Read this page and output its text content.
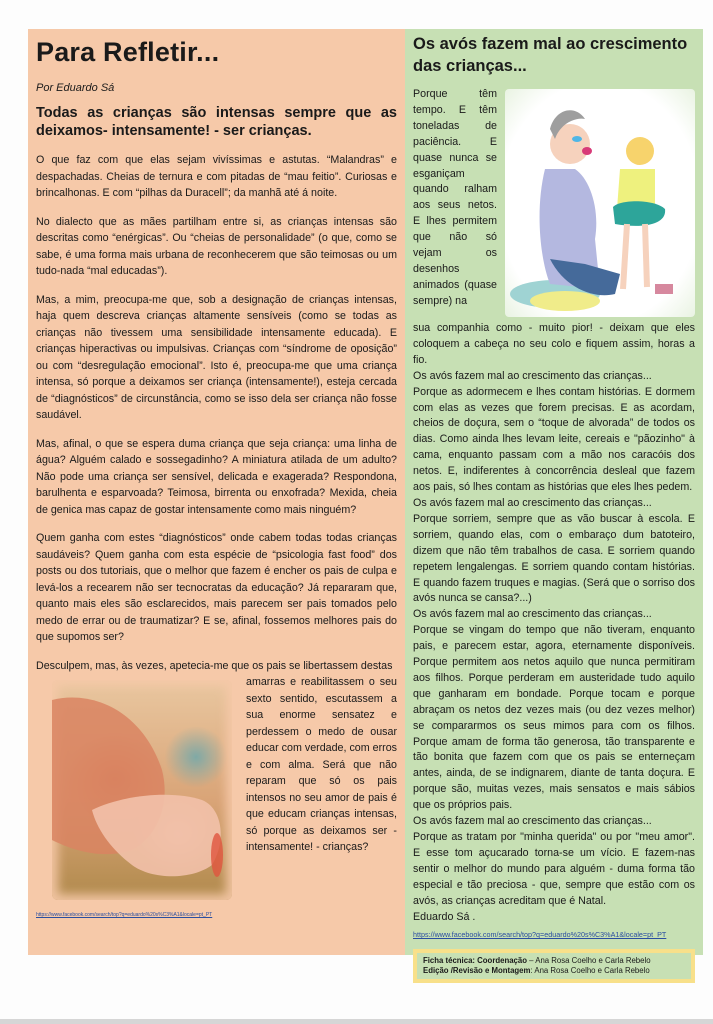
Para Refletir...
Por Eduardo Sá
Todas as crianças são intensas sempre que as deixamos- intensamente! - ser crianças.

O que faz com que elas sejam vivíssimas e astutas. “Malandras” e despachadas. Cheias de ternura e com pitadas de “mau feitio”. Curiosas e brincalhonas. E com “pilhas da Duracell”; da manhã até á noite.

No dialecto que as mães partilham entre si, as crianças intensas são descritas como “enérgicas”. Ou “cheias de personalidade” (o que, como se sabe, é uma forma mais urbana de reconhecerem que são teimosas ou um tudo-nada “mal educadas”).

Mas, a mim, preocupa-me que, sob a designação de crianças intensas, haja quem descreva crianças altamente sensíveis (como se todas as crianças não tivessem uma sensibilidade intensamente educada). E crianças hiperactivas ou impulsivas. Crianças com “síndrome de oposição” ou com “desregulação emocional”. Isto é, preocupa-me que uma criança intensa, só porque a deixamos ser criança (intensamente!), esteja cercada de “diagnósticos” de circunstância, como se isso dela ser criança não fosse saudável.

Mas, afinal, o que se espera duma criança que seja criança: uma linha de água? Alguém calado e sossegadinho? A miniatura atilada de um adulto? Não pode uma criança ser sensível, delicada e exagerada? Respondona, barulhenta e esparvoada? Teimosa, birrenta ou enxofrada? Mexida, cheia de genica mas capaz de gostar intensamente como mais ninguém?

Quem ganha com estes “diagnósticos” onde cabem todas todas crianças saudáveis? Quem ganha com esta espécie de “psicologia fast food” dos posts ou dos tutoriais, que o melhor que fazem é encher os pais de culpa e levá-los a recearem não ser tecnocratas da educação? Já repararam que, quanto mais eles são esclarecidos, mais parecem ser pais tomados pelo medo de errar ou de traumatizar? E se, afinal, fossemos melhores pais do que supomos ser?

Desculpem, mas, às vezes, apetecia-me que os pais se libertassem destas

amarras e reabilitassem o seu sexto sentido, escutassem a sua enorme sensatez e perdessem o medo de ousar educar com verdade, com erros e com alma. Será que não reparam que só os pais intensos no seu amor de pais é que educam crianças intensas, só porque as deixamos ser - intensamente! - crianças?

https://www.facebook.com/search/top?q=eduardo%20s%C3%A1&locale=pt_PT
Os avós fazem mal ao crescimento das crianças...

Porque têm tempo. E têm toneladas de paciência. E quase nunca se esganiçam quando ralham aos seus netos. E lhes permitem que não só vejam os desenhos animados (quase sempre) na

sua companhia como - muito pior! - deixam que eles coloquem a cabeça no seu colo e fiquem assim, horas a fio.

Os avós fazem mal ao crescimento das crianças...

Porque as adormecem e lhes contam histórias. E dormem com elas as vezes que forem precisas. E as acordam, cheios de doçura, sem o “toque de alvorada” de todos os dias. Como ainda lhes levam leite, cereais e "pãozinho" à cama, enquanto passam com a mão nos caracóis dos netos. E, indiferentes à concorrência desleal que fazem aos pais, só lhes contam as histórias que eles lhes pedem.

Os avós fazem mal ao crescimento das crianças...

Porque sorriem, sempre que as vão buscar à escola. E sorriem, quando elas, com o embaraço dum batoteiro, dizem que não têm trabalhos de casa. E sorriem quando repetem lengalengas. E sorriem quando contam histórias. E quando fazem truques e magias. (Será que o sorriso dos avós nunca se cansa?...)

Os avós fazem mal ao crescimento das crianças...

Porque se vingam do tempo que não tiveram, enquanto pais, e parecem estar, agora, eternamente disponíveis. Porque permitem aos netos aquilo que nunca permitiram aos filhos. Porque perderam em austeridade tudo aquilo que ganharam em bondade. Porque tocam e porque abraçam os netos dez vezes mais (ou dez vezes melhor) se compararmos os seus mimos para com os filhos. Porque amam de forma tão generosa, tão transparente e tão bonita que fazem com que os pais se enterneçam antes, ainda, de se indignarem, diante de tanta doçura. E porque são, muitas vezes, mais sensatos e mais sábios que os próprios pais.

Os avós fazem mal ao crescimento das crianças...

Porque as tratam por "minha querida" ou por "meu amor". E esse tom açucarado torna-se um vício. E fazem-nas sentir o melhor do mundo para alguém - duma forma tão especial e tão preciosa - que, sempre que estão com os avós, as crianças acreditam que é Natal.

Eduardo Sá .

https://www.facebook.com/search/top?q=eduardo%20s%C3%A1&locale=pt_PT
Ficha técnica: Coordenação – Ana Rosa Coelho e Carla Rebelo
Edição /Revisão e Montagem: Ana Rosa Coelho e Carla Rebelo
